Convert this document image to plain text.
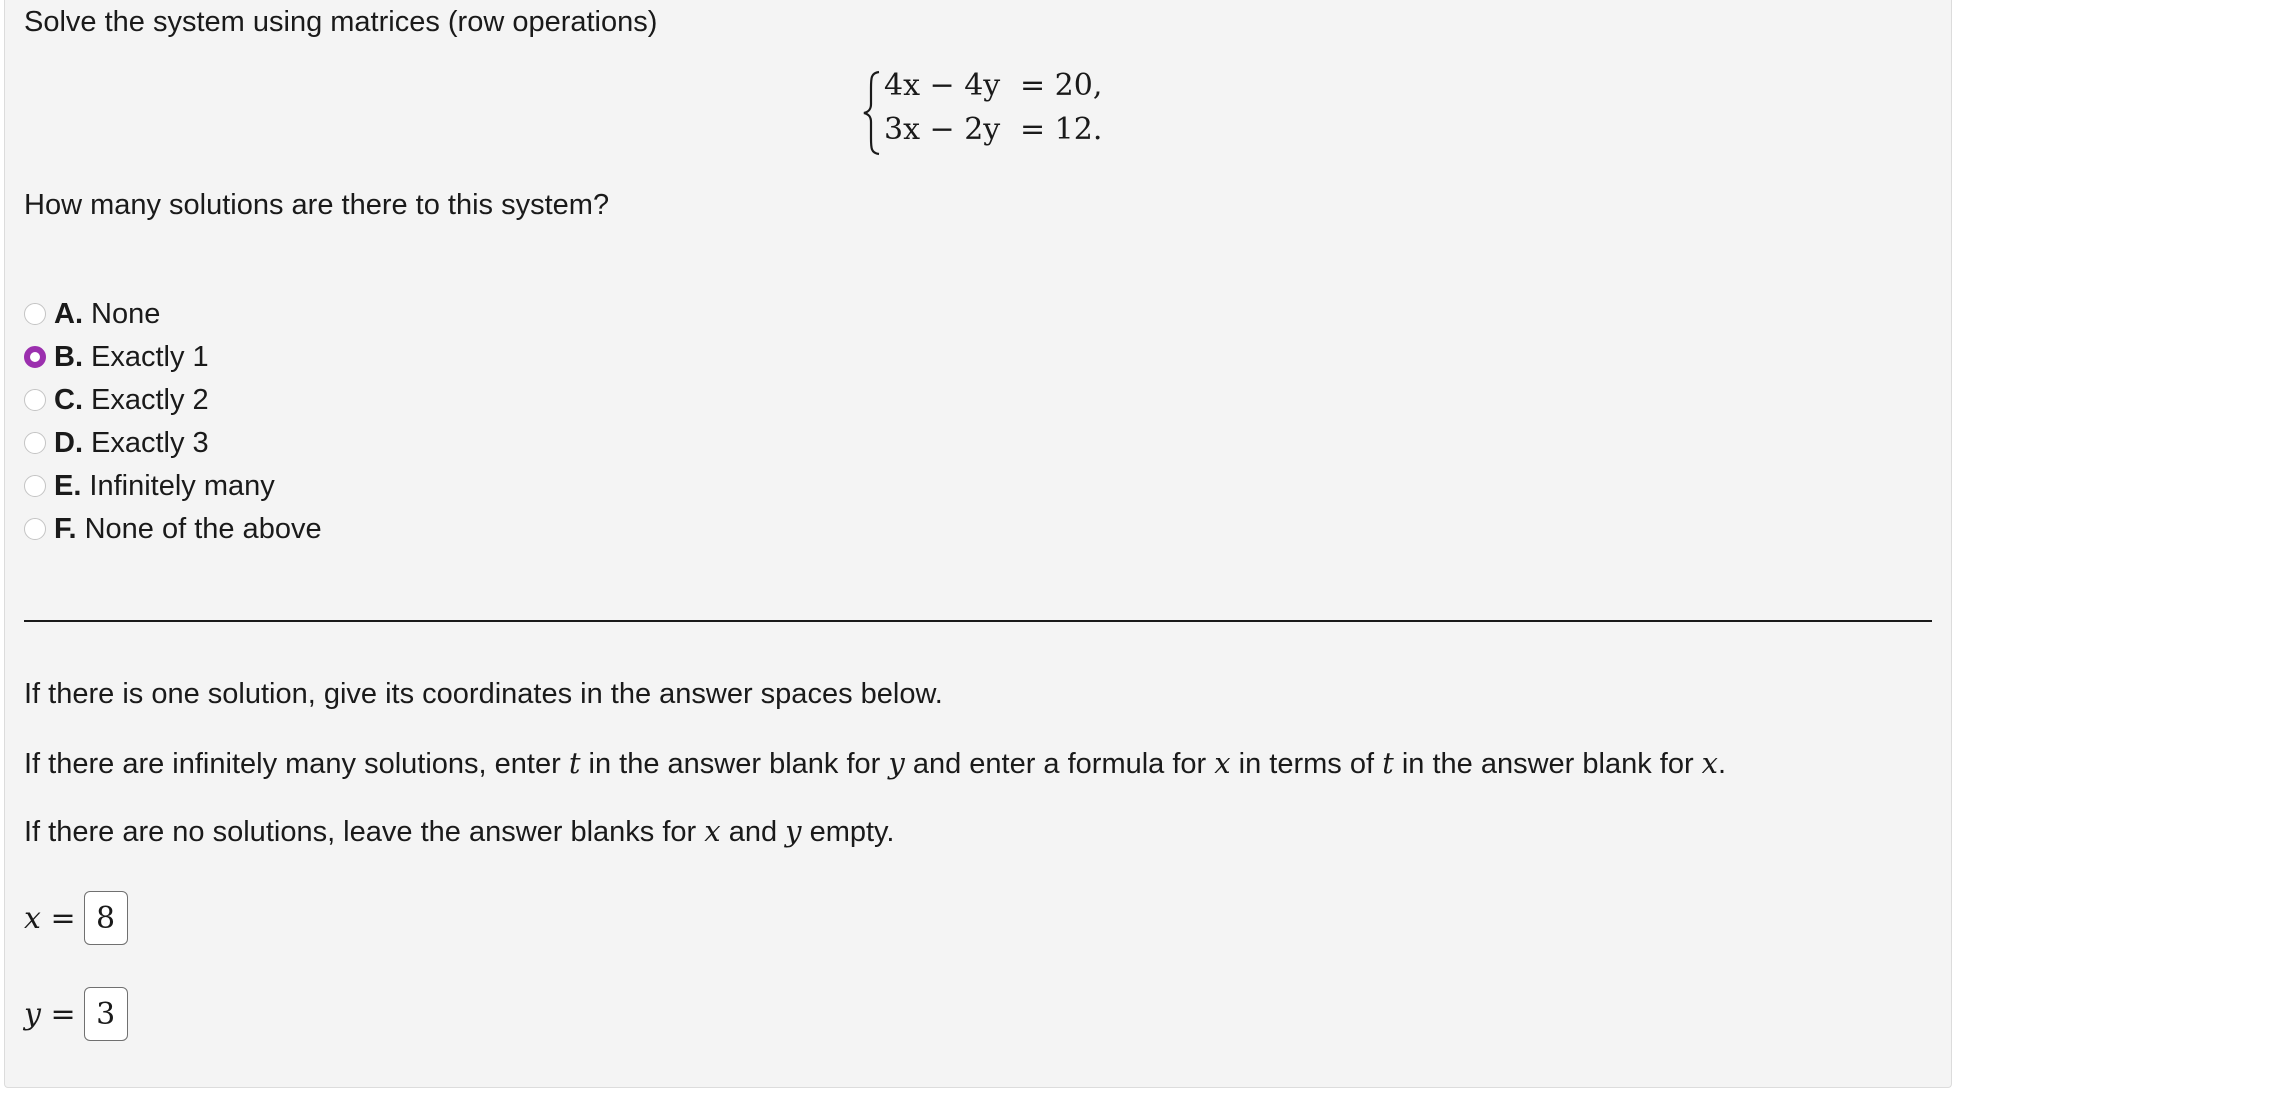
Solve the system using matrices (row operations)
4x − 4y = 20,
3x − 2y = 12.
How many solutions are there to this system?
A. None
B. Exactly 1
C. Exactly 2
D. Exactly 3
E. Infinitely many
F. None of the above
If there is one solution, give its coordinates in the answer spaces below.
If there are infinitely many solutions, enter t in the answer blank for y and enter a formula for x in terms of t in the answer blank for x.
If there are no solutions, leave the answer blanks for x and y empty.
x = 8
y = 3
